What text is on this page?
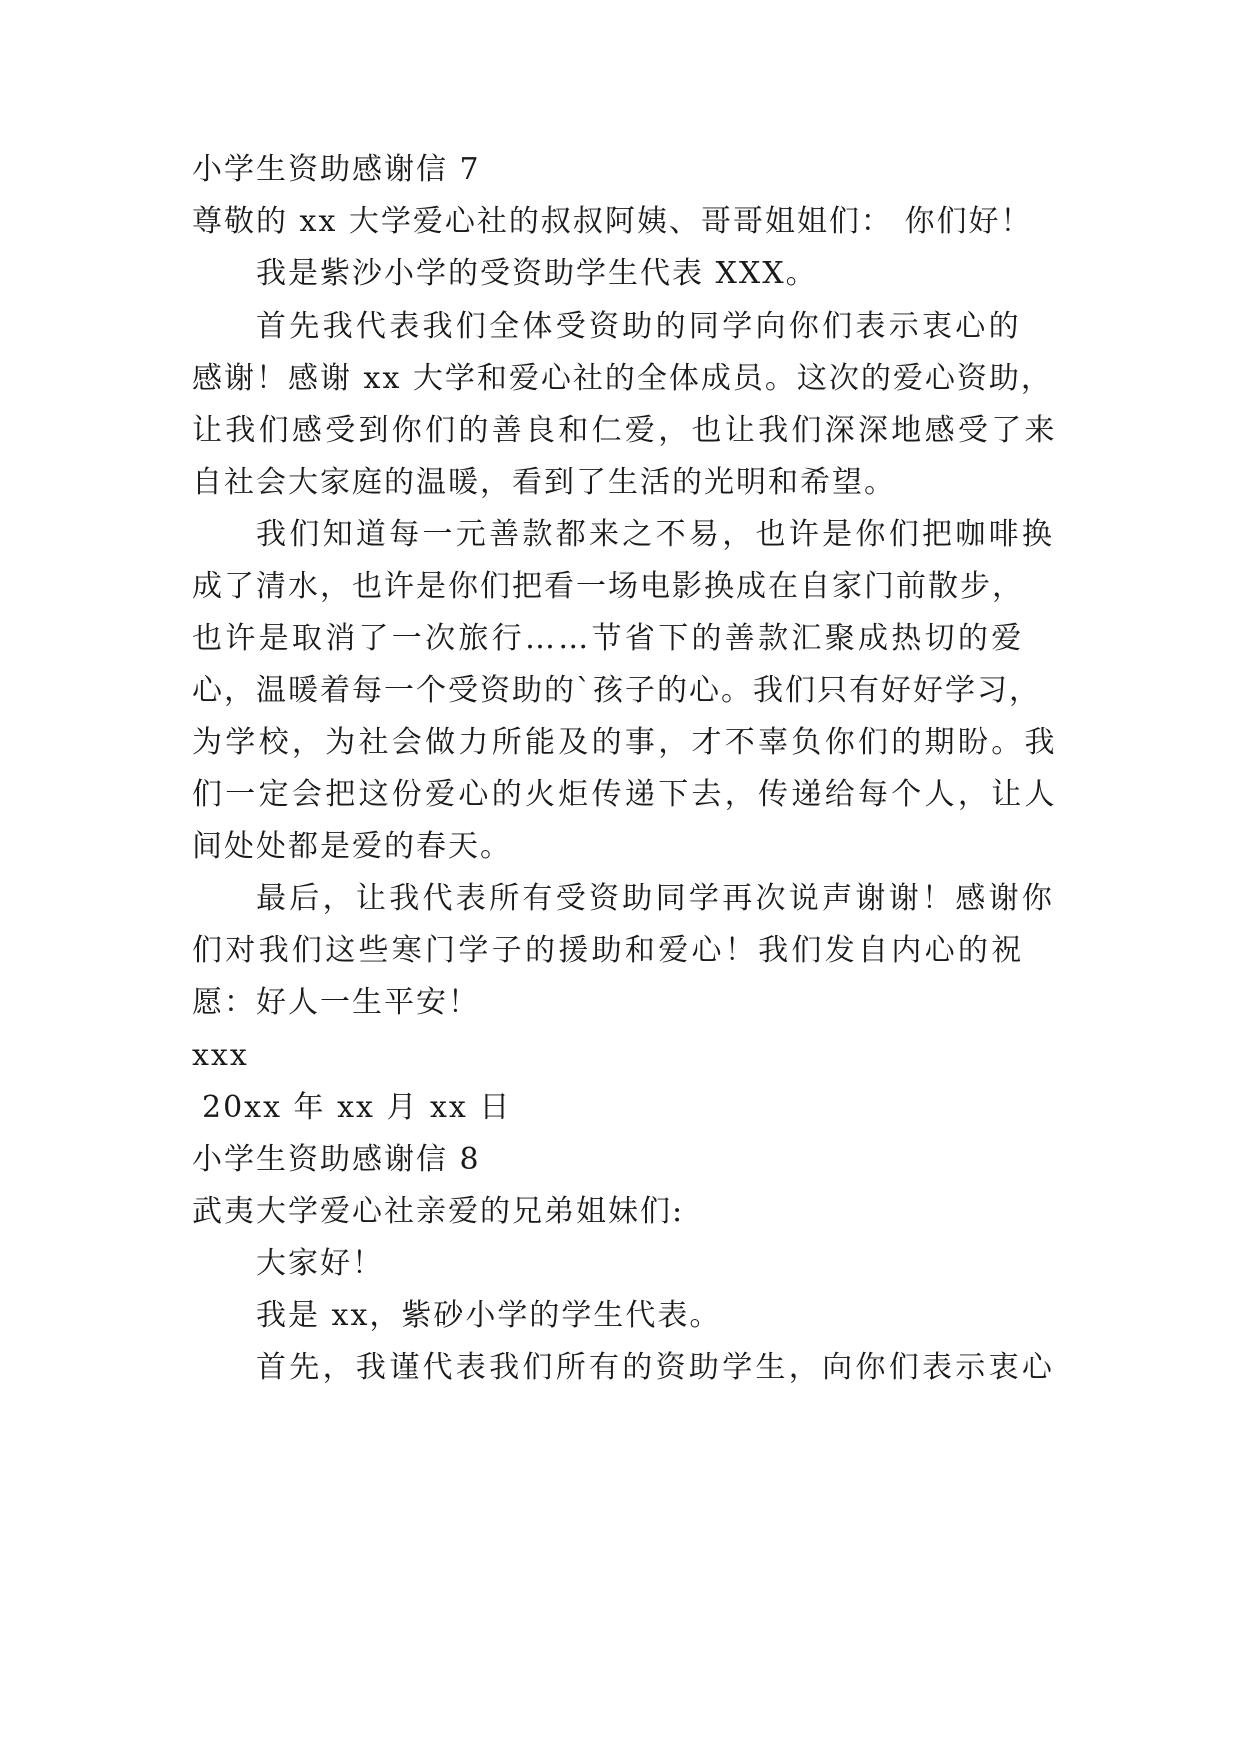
小学生资助感谢信 7
尊敬的 xx 大学爱心社的叔叔阿姨、哥哥姐姐们： 你们好！
我是紫沙小学的受资助学生代表 XXX。
首先我代表我们全体受资助的同学向你们表示衷心的
感谢！感谢 xx 大学和爱心社的全体成员。这次的爱心资助，
让我们感受到你们的善良和仁爱，也让我们深深地感受了来
自社会大家庭的温暖，看到了生活的光明和希望。
我们知道每一元善款都来之不易，也许是你们把咖啡换
成了清水，也许是你们把看一场电影换成在自家门前散步，
也许是取消了一次旅行……节省下的善款汇聚成热切的爱
心，温暖着每一个受资助的`孩子的心。我们只有好好学习，
为学校，为社会做力所能及的事，才不辜负你们的期盼。我
们一定会把这份爱心的火炬传递下去，传递给每个人，让人
间处处都是爱的春天。
最后，让我代表所有受资助同学再次说声谢谢！感谢你
们对我们这些寒门学子的援助和爱心！我们发自内心的祝
愿：好人一生平安！
xxx
20xx 年 xx 月 xx 日
小学生资助感谢信 8
武夷大学爱心社亲爱的兄弟姐妹们:
大家好！
我是 xx，紫砂小学的学生代表。
首先，我谨代表我们所有的资助学生，向你们表示衷心
